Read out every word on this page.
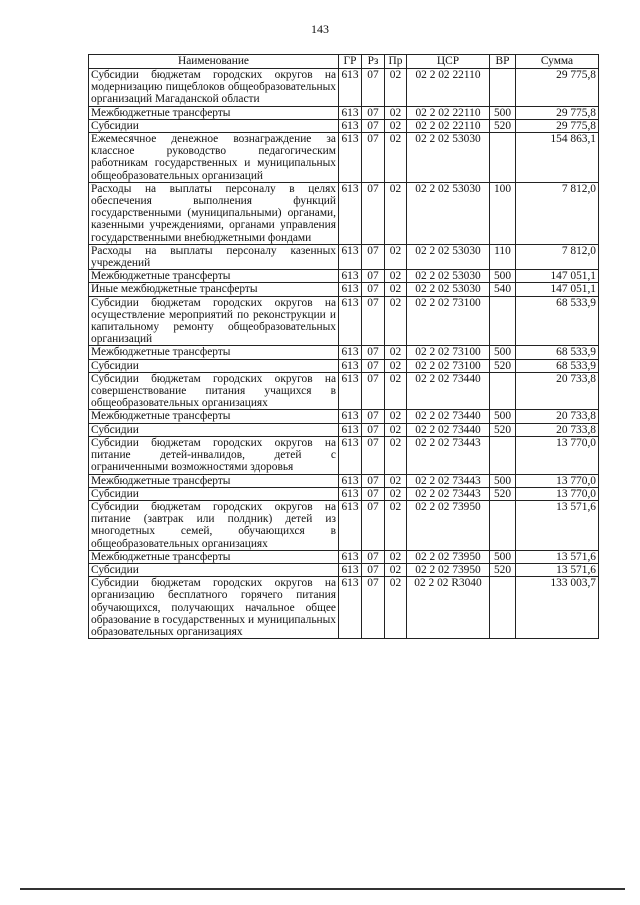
143
Наименование	ГР	Рз	Пр	ЦСР	ВР	Сумма
Субсидии бюджетам городских округов на модернизацию пищеблоков общеобразовательных организаций Магаданской области	613	07	02	02 2 02 22110		29 775,8
Межбюджетные трансферты	613	07	02	02 2 02 22110	500	29 775,8
Субсидии	613	07	02	02 2 02 22110	520	29 775,8
Ежемесячное денежное вознаграждение за классное руководство педагогическим работникам государственных и муниципальных общеобразовательных организаций	613	07	02	02 2 02 53030		154 863,1
Расходы на выплаты персоналу в целях обеспечения выполнения функций государственными (муниципальными) органами, казенными учреждениями, органами управления государственными внебюджетными фондами	613	07	02	02 2 02 53030	100	7 812,0
Расходы на выплаты персоналу казенных учреждений	613	07	02	02 2 02 53030	110	7 812,0
Межбюджетные трансферты	613	07	02	02 2 02 53030	500	147 051,1
Иные межбюджетные трансферты	613	07	02	02 2 02 53030	540	147 051,1
Субсидии бюджетам городских округов на осуществление мероприятий по реконструкции и капитальному ремонту общеобразовательных организаций	613	07	02	02 2 02 73100		68 533,9
Межбюджетные трансферты	613	07	02	02 2 02 73100	500	68 533,9
Субсидии	613	07	02	02 2 02 73100	520	68 533,9
Субсидии бюджетам городских округов на совершенствование питания учащихся в общеобразовательных организациях	613	07	02	02 2 02 73440		20 733,8
Межбюджетные трансферты	613	07	02	02 2 02 73440	500	20 733,8
Субсидии	613	07	02	02 2 02 73440	520	20 733,8
Субсидии бюджетам городских округов на питание детей-инвалидов, детей с ограниченными возможностями здоровья	613	07	02	02 2 02 73443		13 770,0
Межбюджетные трансферты	613	07	02	02 2 02 73443	500	13 770,0
Субсидии	613	07	02	02 2 02 73443	520	13 770,0
Субсидии бюджетам городских округов на питание (завтрак или полдник) детей из многодетных семей, обучающихся в общеобразовательных организациях	613	07	02	02 2 02 73950		13 571,6
Межбюджетные трансферты	613	07	02	02 2 02 73950	500	13 571,6
Субсидии	613	07	02	02 2 02 73950	520	13 571,6
Субсидии бюджетам городских округов на организацию бесплатного горячего питания обучающихся, получающих начальное общее образование в государственных и муниципальных образовательных организациях	613	07	02	02 2 02 R3040		133 003,7
